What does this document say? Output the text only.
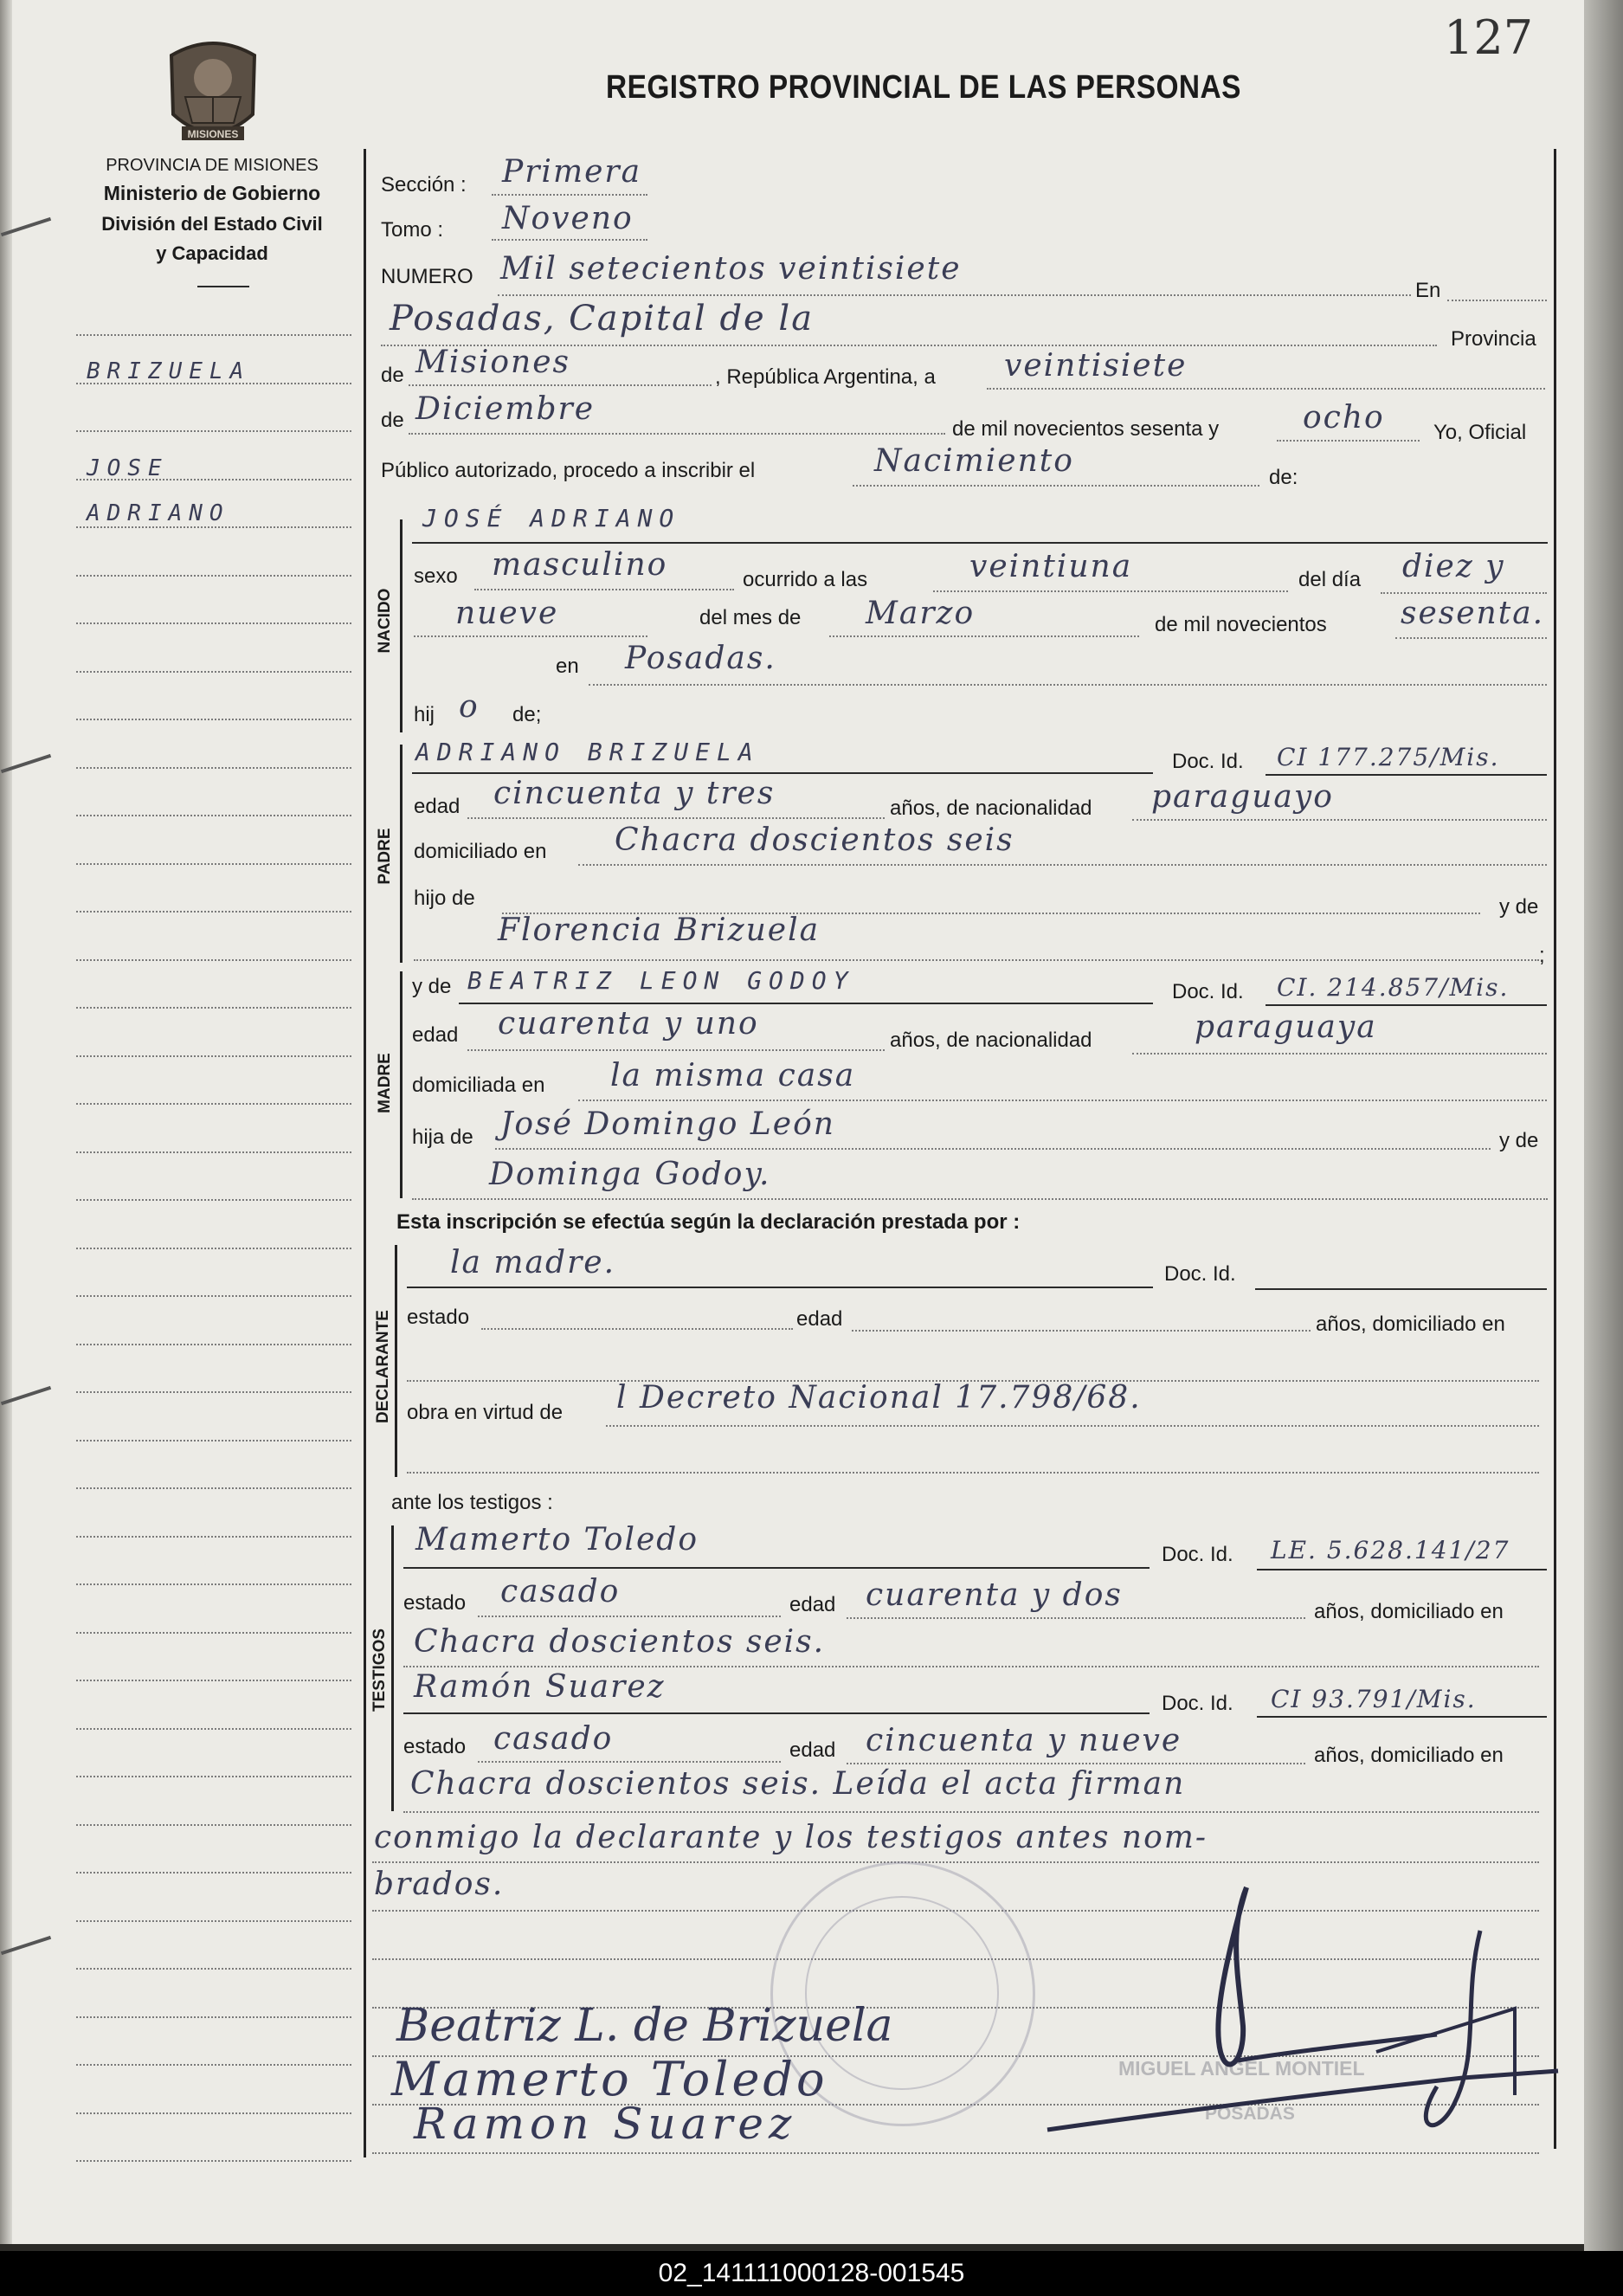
127
MISIONES
PROVINCIA DE MISIONES
Ministerio de Gobierno
División del Estado Civil
y Capacidad
REGISTRO PROVINCIAL DE LAS PERSONAS
BRIZUELA
JOSE
ADRIANO
Sección : Primera
Tomo : Noveno
NUMERO Mil setecientos veintisiete
En
Posadas, Capital de la
Provincia
de Misiones	, República Argentina, a veintisiete
de Diciembre
de mil novecientos sesenta y	ocho Yo, Oficial
Público autorizado, procedo a inscribir el	Nacimiento	de:
NACIDO
JOSÉ ADRIANO
sexo masculino	ocurrido a las	veintiuna	del día diez y
nueve	del mes de Marzo	de mil novecientos sesenta.
en Posadas.
hij o de;
PADRE
ADRIANO BRIZUELA	Doc. Id. CI 177.275/Mis.
edad cincuenta y tres	años, de nacionalidad paraguayo
domiciliado en Chacra doscientos seis
hijo de	y de
Florencia Brizuela
;
MADRE
y de BEATRIZ LEON GODOY	Doc. Id. CI. 214.857/Mis.
edad cuarenta y uno	años, de nacionalidad	paraguaya
domiciliada en la misma casa
hija de José Domingo León	y de
Dominga Godoy.
Esta inscripción se efectúa según la declaración prestada por :
DECLARANTE
la madre.	Doc. Id.
estado	edad	años, domiciliado en
obra en virtud de l Decreto Nacional 17.798/68.
ante los testigos :
TESTIGOS
Mamerto Toledo	Doc. Id. LE. 5.628.141/27
estado casado	edad cuarenta y dos	años, domiciliado en
Chacra doscientos seis.
Ramón Suarez	Doc. Id. CI 93.791/Mis.
estado casado	edad cincuenta y nueve	años, domiciliado en
Chacra doscientos seis. Leída el acta firman
conmigo la declarante y los testigos antes nom-
brados.
MIGUEL ANGEL MONTIEL
POSADAS
Beatriz L. de Brizuela
Mamerto Toledo
Ramon Suarez
02_141111000128-001545
